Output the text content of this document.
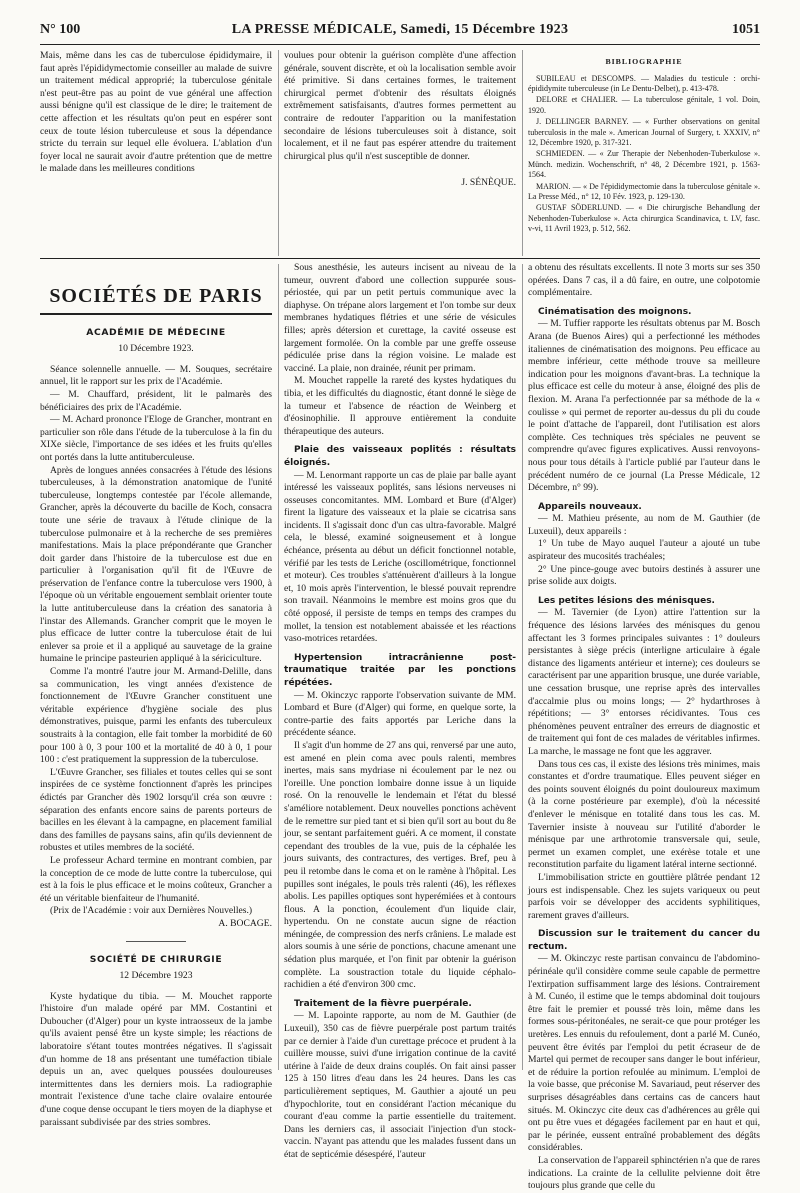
N° 100	LA PRESSE MÉDICALE, Samedi, 15 Décembre 1923	1051

Mais, même dans les cas de tuberculose épididymaire, il faut après l'épididymectomie conseiller au malade de suivre un traitement médical approprié; la tuberculose génitale n'est peut-être pas au point de vue général une affection aussi bénigne qu'il est classique de le dire; le traitement de cette affection et les résultats qu'on peut en espérer sont ceux de toute lésion tuberculeuse et sous la dépendance stricte du terrain sur lequel elle évoluera. L'ablation d'un foyer local ne saurait avoir d'autre prétention que de mettre le malade dans les meilleures conditions

voulues pour obtenir la guérison complète d'une affection générale, souvent discrète, et où la localisation semble avoir été primitive. Si dans certaines formes, le traitement chirurgical permet d'obtenir des résultats éloignés extrêmement satisfaisants, d'autres formes permettent au contraire de redouter l'apparition ou la manifestation secondaire de lésions tuberculeuses soit à distance, soit localement, et il ne faut pas espérer attendre du traitement chirurgical plus qu'il n'est susceptible de donner.

J. SÉNÈQUE.

BIBLIOGRAPHIE

SUBILEAU et DESCOMPS. — Maladies du testicule : orchi-épididymite tuberculeuse (in Le Dentu-Delbet), p. 413-478.

DELORE et CHALIER. — La tuberculose génitale, 1 vol. Doin, 1920.

J. DELLINGER BARNEY. — « Further observations on genital tuberculosis in the male ». American Journal of Surgery, t. XXXIV, n° 12, Décembre 1920, p. 317-321.

SCHMIEDEN. — « Zur Therapie der Nebenhoden-Tuberkulose ». Münch. medizin. Wochenschrift, n° 48, 2 Décembre 1921, p. 1563-1564.

MARION. — « De l'épididymectomie dans la tuberculose génitale ». La Presse Méd., n° 12, 10 Fév. 1923, p. 129-130.

GUSTAF SÖDERLUND. — « Die chirurgische Behandlung der Nebenhoden-Tuberkulose ». Acta chirurgica Scandinavica, t. LV, fasc. v-vi, 11 Avril 1923, p. 512, 562.

SOCIÉTÉS DE PARIS
ACADÉMIE DE MÉDECINE
10 Décembre 1923.

Séance solennelle annuelle. — M. Souques, secrétaire annuel, lit le rapport sur les prix de l'Académie.

— M. Chauffard, président, lit le palmarès des bénéficiaires des prix de l'Académie.

— M. Achard prononce l'Eloge de Grancher, montrant en particulier son rôle dans l'étude de la tuberculose à la fin du XIXe siècle, l'importance de ses idées et les fruits qu'elles ont portés dans la lutte antituberculeuse.

Après de longues années consacrées à l'étude des lésions tuberculeuses, à la démonstration anatomique de l'unité tuberculeuse, longtemps contestée par l'école allemande, Grancher, après la découverte du bacille de Koch, consacra toute une série de travaux à l'étude clinique de la tuberculose pulmonaire et à la recherche de ses premières manifestations. Mais la place prépondérante que Grancher doit garder dans l'histoire de la tuberculose est due en particulier à l'organisation qu'il fit de l'Œuvre de préservation de l'enfance contre la tuberculose vers 1900, à l'époque où un véritable engouement semblait orienter toute la lutte antituberculeuse dans la création des sanatoria à l'instar des Allemands. Grancher comprit que le moyen le plus efficace de lutter contre la tuberculose était de lui enlever sa proie et il a appliqué au sauvetage de la graine humaine le principe pasteurien appliqué à la sériciculture.

Comme l'a montré l'autre jour M. Armand-Delille, dans sa communication, les vingt années d'existence de fonctionnement de l'Œuvre Grancher constituent une véritable expérience d'hygiène sociale des plus démonstratives, puisque, parmi les enfants des tuberculeux soustraits à la contagion, elle fait tomber la morbidité de 60 pour 100 à 0, 3 pour 100 et la mortalité de 40 à 0, 1 pour 100 : c'est pratiquement la suppression de la tuberculose.

L'Œuvre Grancher, ses filiales et toutes celles qui se sont inspirées de ce système fonctionnent d'après les principes édictés par Grancher dès 1902 lorsqu'il créa son œuvre : séparation des enfants encore sains de parents porteurs de bacilles en les élevant à la campagne, en placement familial dans des familles de paysans sains, afin qu'ils deviennent de robustes et utiles membres de la société.

Le professeur Achard termine en montrant combien, par la conception de ce mode de lutte contre la tuberculose, qui est à la fois le plus efficace et le moins coûteux, Grancher a été un véritable bienfaiteur de l'humanité.

(Prix de l'Académie : voir aux Dernières Nouvelles.)

A. BOCAGE.

SOCIÉTÉ DE CHIRURGIE
12 Décembre 1923

Kyste hydatique du tibia. — M. Mouchet rapporte l'histoire d'un malade opéré par MM. Costantini et Duboucher (d'Alger) pour un kyste intraosseux de la jambe qu'ils avaient pensé être un kyste simple; les réactions de laboratoire s'étant toutes montrées négatives. Il s'agissait d'un homme de 18 ans présentant une tuméfaction tibiale depuis un an, avec quelques poussées douloureuses intermittentes dans les derniers mois. La radiographie montrait l'existence d'une tache claire ovalaire entourée d'une coque dense occupant le tiers moyen de la diaphyse et paraissant subdivisée par des stries sombres.

Sous anesthésie, les auteurs incisent au niveau de la tumeur, ouvrent d'abord une collection suppurée sous-périostée, qui par un petit pertuis communique avec la diaphyse. On trépane alors largement et l'on tombe sur deux membranes hydatiques flétries et une série de vésicules filles; après détersion et curettage, la cavité osseuse est largement formolée. On la comble par une greffe osseuse pédiculée prise dans la région voisine. Le malade est vacciné. La plaie, non drainée, réunit per primam.

M. Mouchet rappelle la rareté des kystes hydatiques du tibia, et les difficultés du diagnostic, étant donné le siège de la tumeur et l'absence de réaction de Weinberg et d'éosinophilie. Il approuve entièrement la conduite thérapeutique des auteurs.

Plaie des vaisseaux poplités : résultats éloignés.

— M. Lenormant rapporte un cas de plaie par balle ayant intéressé les vaisseaux poplités, sans lésions nerveuses ni osseuses concomitantes. MM. Lombard et Bure (d'Alger) firent la ligature des vaisseaux et la plaie se cicatrisa sans incidents. Il s'agissait donc d'un cas ultra-favorable. Malgré cela, le blessé, examiné soigneusement et à longue échéance, présenta au début un déficit fonctionnel notable, vérifié par les tests de Leriche (oscillométrique, fonctionnel et moteur). Ces troubles s'atténuèrent d'ailleurs à la longue et, 10 mois après l'intervention, le blessé pouvait reprendre son travail. Néanmoins le membre est moins gros que du côté opposé, il persiste de temps en temps des crampes du mollet, la tension est notablement abaissée et les réactions vaso-motrices retardées.

Hypertension intracrânienne post-traumatique traitée par les ponctions répétées.

— M. Okinczyc rapporte l'observation suivante de MM. Lombard et Bure (d'Alger) qui forme, en quelque sorte, la contre-partie des faits apportés par Leriche dans la précédente séance.

Il s'agit d'un homme de 27 ans qui, renversé par une auto, est amené en plein coma avec pouls ralenti, membres inertes, mais sans mydriase ni écoulement par le nez ou l'oreille. Une ponction lombaire donne issue à un liquide rosé. On la renouvelle le lendemain et l'état du blessé s'améliore notablement. Deux nouvelles ponctions achèvent de le remettre sur pied tant et si bien qu'il sort au bout du 8e jour, se sentant parfaitement guéri. A ce moment, il constate cependant des troubles de la vue, puis de la céphalée les jours suivants, des contractures, des vertiges. Bref, peu à peu il retombe dans le coma et on le ramène à l'hôpital. Les pupilles sont inégales, le pouls très ralenti (46), les réflexes abolis. Les papilles optiques sont hyperémiées et à contours flous. A la ponction, écoulement d'un liquide clair, hypertendu. On ne constate aucun signe de réaction méningée, de compression des nerfs crâniens. Le malade est alors soumis à une série de ponctions, chacune amenant une sédation plus marquée, et l'on finit par obtenir la guérison complète. La soustraction totale du liquide céphalo-rachidien a été d'environ 300 cmc.

Traitement de la fièvre puerpérale.

— M. Lapointe rapporte, au nom de M. Gauthier (de Luxeuil), 350 cas de fièvre puerpérale post partum traités par ce dernier à l'aide d'un curettage précoce et prudent à la cuillère mousse, suivi d'une irrigation continue de la cavité utérine à l'aide de deux drains couplés. On fait ainsi passer 125 à 150 litres d'eau dans les 24 heures. Dans les cas particulièrement septiques, M. Gauthier a ajouté un peu d'hypochlorite, tout en considérant l'action mécanique du courant d'eau comme la partie essentielle du traitement. Dans les derniers cas, il associait l'injection d'un stock-vaccin. N'ayant pas attendu que les malades fussent dans un état de septicémie désespéré, l'auteur

a obtenu des résultats excellents. Il note 3 morts sur ses 350 opérées. Dans 7 cas, il a dû faire, en outre, une colpotomie complémentaire.

Cinématisation des moignons.

— M. Tuffier rapporte les résultats obtenus par M. Bosch Arana (de Buenos Aires) qui a perfectionné les méthodes italiennes de cinématisation des moignons. Peu efficace au membre inférieur, cette méthode trouve sa meilleure indication pour les moignons d'avant-bras. La technique la plus efficace est celle du moteur à anse, éloigné des plis de flexion. M. Arana l'a perfectionnée par sa méthode de la « coulisse » qui permet de reporter au-dessus du pli du coude le point d'attache de l'appareil, dont l'utilisation est alors complète. Ces techniques très spéciales ne peuvent se comprendre qu'avec figures explicatives. Aussi renvoyons-nous pour tous détails à l'article publié par l'auteur dans le précédent numéro de ce journal (La Presse Médicale, 12 Décembre, n° 99).

Appareils nouveaux.

— M. Mathieu présente, au nom de M. Gauthier (de Luxeuil), deux appareils :

1° Un tube de Mayo auquel l'auteur a ajouté un tube aspirateur des mucosités trachéales;

2° Une pince-gouge avec butoirs destinés à assurer une prise solide aux doigts.

Les petites lésions des ménisques.

— M. Tavernier (de Lyon) attire l'attention sur la fréquence des lésions larvées des ménisques du genou affectant les 3 formes principales suivantes : 1° douleurs persistantes à siège précis (interligne articulaire à égale distance des ligaments antérieur et interne); ces douleurs se caractérisent par une apparition brusque, une durée variable, une cessation brusque, une reprise après des intervalles d'accalmie plus ou moins longs; — 2° hydarthroses à répétitions; — 3° entorses récidivantes. Tous ces phénomènes peuvent entraîner des erreurs de diagnostic et de traitement qui font de ces malades de véritables infirmes. La marche, le massage ne font que les aggraver.

Dans tous ces cas, il existe des lésions très minimes, mais constantes et d'ordre traumatique. Elles peuvent siéger en des points souvent éloignés du point douloureux maximum (à la corne postérieure par exemple), d'où la nécessité d'enlever le ménisque en totalité dans tous les cas. M. Tavernier insiste à nouveau sur l'utilité d'aborder le ménisque par une arthrotomie transversale qui, seule, permet un examen complet, une exérèse totale et une reconstitution parfaite du ligament latéral interne sectionné.

L'immobilisation stricte en gouttière plâtrée pendant 12 jours est indispensable. Chez les sujets variqueux ou peut parfois voir se développer des accidents syphilitiques, rarement graves d'ailleurs.

Discussion sur le traitement du cancer du rectum.

— M. Okinczyc reste partisan convaincu de l'abdomino-périnéale qu'il considère comme seule capable de permettre l'extirpation suffisamment large des lésions. Contrairement à M. Cunéo, il estime que le temps abdominal doit toujours être fait le premier et poussé très loin, même dans les formes sous-péritonéales, ne serait-ce que pour protéger les uretères. Les ennuis du refoulement, dont a parlé M. Cunéo, peuvent être évités par l'emploi du petit écraseur de de Martel qui permet de recouper sans danger le bout inférieur, et de réduire la portion refoulée au minimum. L'emploi de la voie basse, que préconise M. Savariaud, peut réserver des surprises désagréables dans certains cas de cancers haut situés. M. Okinczyc cite deux cas d'adhérences au grêle qui ont pu être vues et dégagées facilement par en haut et qui, par le périnée, eussent entraîné probablement des dégâts considérables.

La conservation de l'appareil sphinctérien n'a que de rares indications. La crainte de la cellulite pelvienne doit être toujours plus grande que celle du
